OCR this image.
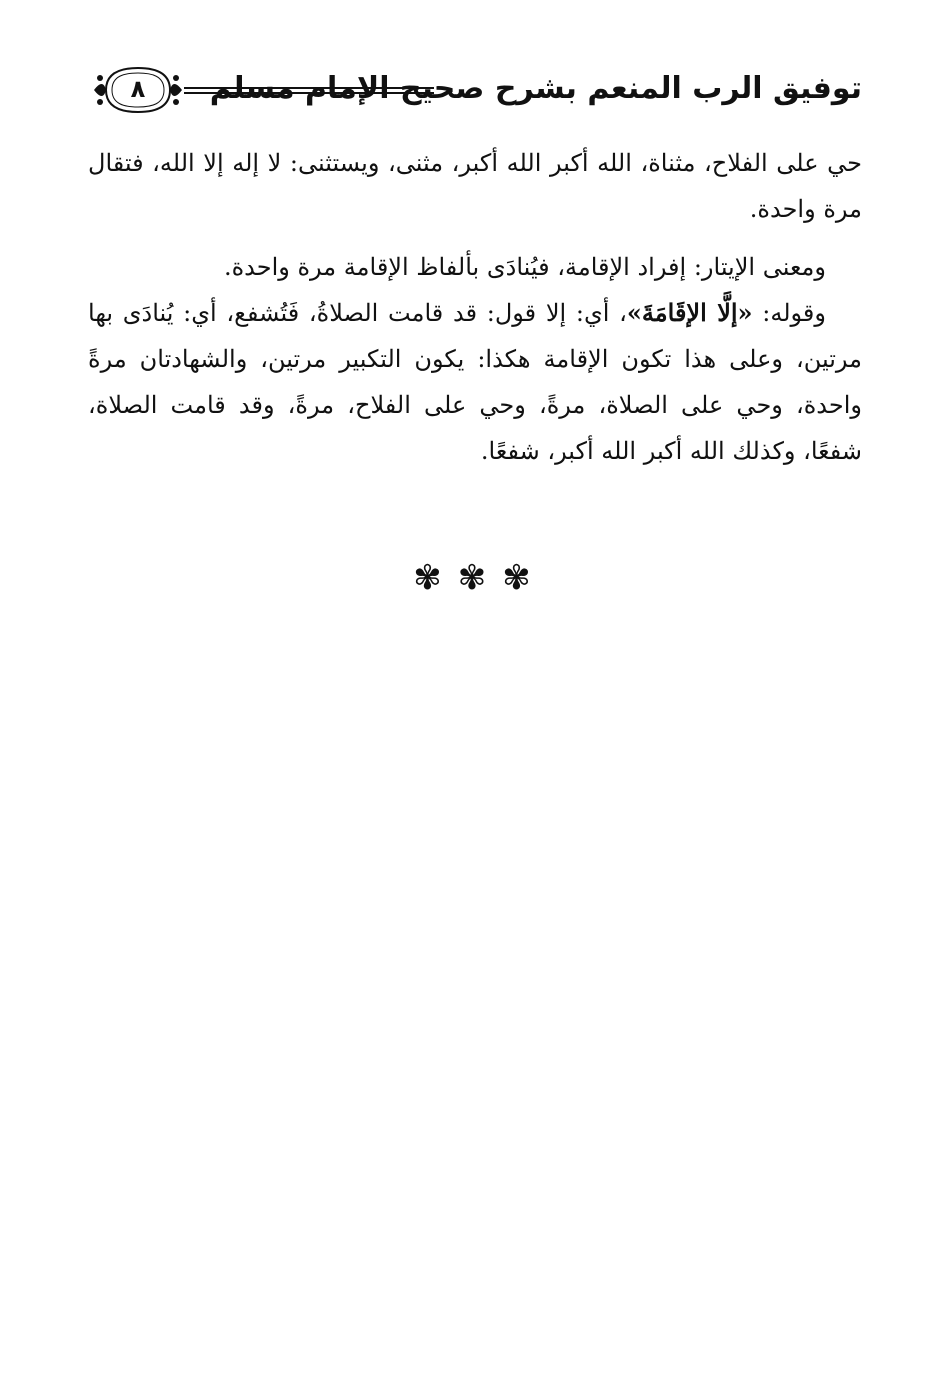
٨	توفيق الرب المنعم بشرح صحيح الإمام مسلم

حي على الفلاح، مثناة، الله أكبر الله أكبر، مثنى، ويستثنى: لا إله إلا الله، فتقال مرة واحدة.

ومعنى الإيتار: إفراد الإقامة، فيُنادَى بألفاظ الإقامة مرة واحدة.

وقوله: «إلَّا الإقَامَةَ»، أي: إلا قول: قد قامت الصلاةُ، فَتُشفع، أي: يُنادَى بها مرتين، وعلى هذا تكون الإقامة هكذا: يكون التكبير مرتين، والشهادتان مرةً واحدة، وحي على الصلاة، مرةً، وحي على الفلاح، مرةً، وقد قامت الصلاة، شفعًا، وكذلك الله أكبر الله أكبر، شفعًا.

✾ ✾ ✾
